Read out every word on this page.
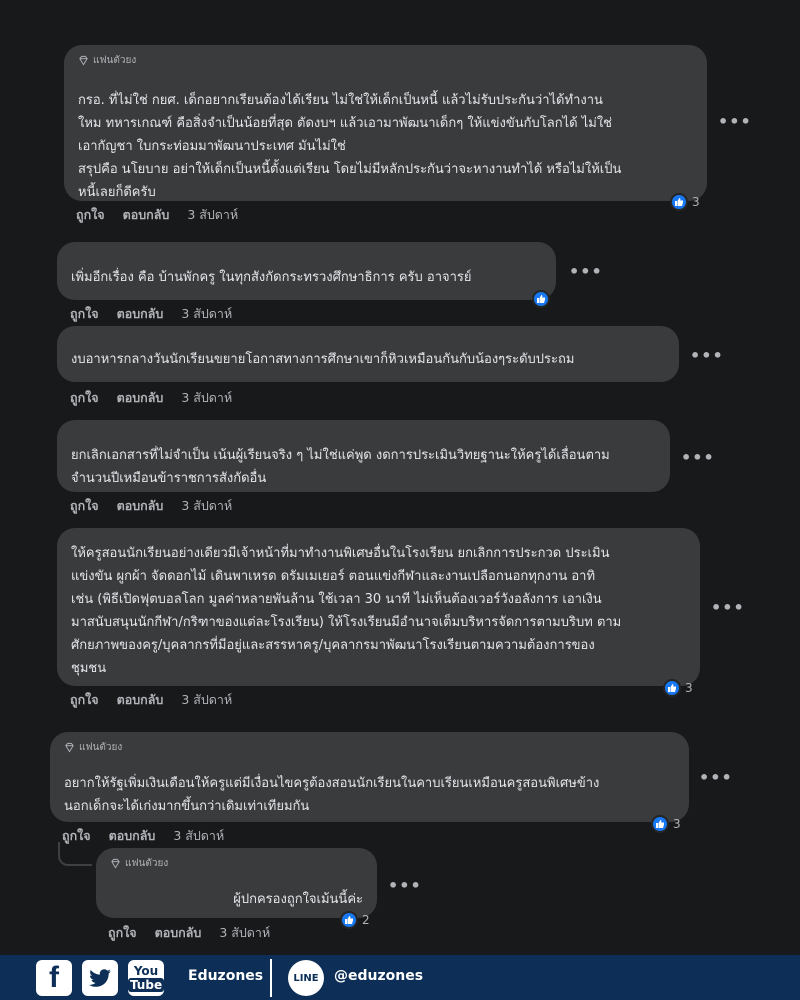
แฟนตัวยง
กรอ. ที่ไม่ใช่ กยศ. เด็กอยากเรียนต้องได้เรียน ไม่ใช่ให้เด็กเป็นหนี้ แล้วไม่รับประกันว่าได้ทำงาน
ใหม ทหารเกณฑ์ คือสิ่งจำเป็นน้อยที่สุด ตัดงบฯ แล้วเอามาพัฒนาเด็กๆ ให้แข่งขันกับโลกได้ ไม่ใช่
เอากัญชา ใบกระท่อมมาพัฒนาประเทศ มันไม่ใช่
สรุปคือ นโยบาย อย่าให้เด็กเป็นหนี้ตั้งแต่เรียน โดยไม่มีหลักประกันว่าจะหางานทำได้ หรือไม่ให้เป็น
หนี้เลยก็ดีครับ
•••
3
ถูกใจ ตอบกลับ 3 สัปดาห์
เพิ่มอีกเรื่อง คือ บ้านพักครู ในทุกสังกัดกระทรวงศึกษาธิการ ครับ อาจารย์	•••
ถูกใจ ตอบกลับ 3 สัปดาห์
งบอาหารกลางวันนักเรียนขยายโอกาสทางการศึกษาเขาก็หิวเหมือนกันกับน้องๆระดับประถม	•••
ถูกใจ ตอบกลับ 3 สัปดาห์
ยกเลิกเอกสารที่ไม่จำเป็น เน้นผู้เรียนจริง ๆ ไม่ใช่แค่พูด งดการประเมินวิทยฐานะให้ครูได้เลื่อนตาม
จำนวนปีเหมือนข้าราชการสังกัดอื่น
•••
ถูกใจ ตอบกลับ 3 สัปดาห์
ให้ครูสอนนักเรียนอย่างเดียวมีเจ้าหน้าที่มาทำงานพิเศษอื่นในโรงเรียน ยกเลิกการประกวด ประเมิน
แข่งขัน ผูกผ้า จัดดอกไม้ เดินพาเหรด ดรัมเมเยอร์ ตอนแข่งกีฬาและงานเปลือกนอกทุกงาน อาทิ
เช่น (พิธีเปิดฟุตบอลโลก มูลค่าหลายพันล้าน ใช้เวลา 30 นาที ไม่เห็นต้องเวอร์วังอลังการ เอาเงิน
มาสนับสนุนนักกีฬา/กริฑาของแต่ละโรงเรียน) ให้โรงเรียนมีอำนาจเต็มบริหารจัดการตามบริบท ตาม
ศักยภาพของครู/บุคลากรที่มีอยู่และสรรหาครู/บุคลากรมาพัฒนาโรงเรียนตามความต้องการของ
ชุมชน
•••
3
ถูกใจ ตอบกลับ 3 สัปดาห์
แฟนตัวยง
อยากให้รัฐเพิ่มเงินเดือนให้ครูแต่มีเงื่อนไขครูต้องสอนนักเรียนในคาบเรียนเหมือนครูสอนพิเศษข้าง
นอกเด็กจะได้เก่งมากขึ้นกว่าเดิมเท่าเทียมกัน
•••
3
ถูกใจ ตอบกลับ 3 สัปดาห์
แฟนตัวยง
ผู้ปกครองถูกใจเม้นนี้ค่ะ
•••
2
ถูกใจ ตอบกลับ 3 สัปดาห์
f	You
Tube
Eduzones	LINE @eduzones
